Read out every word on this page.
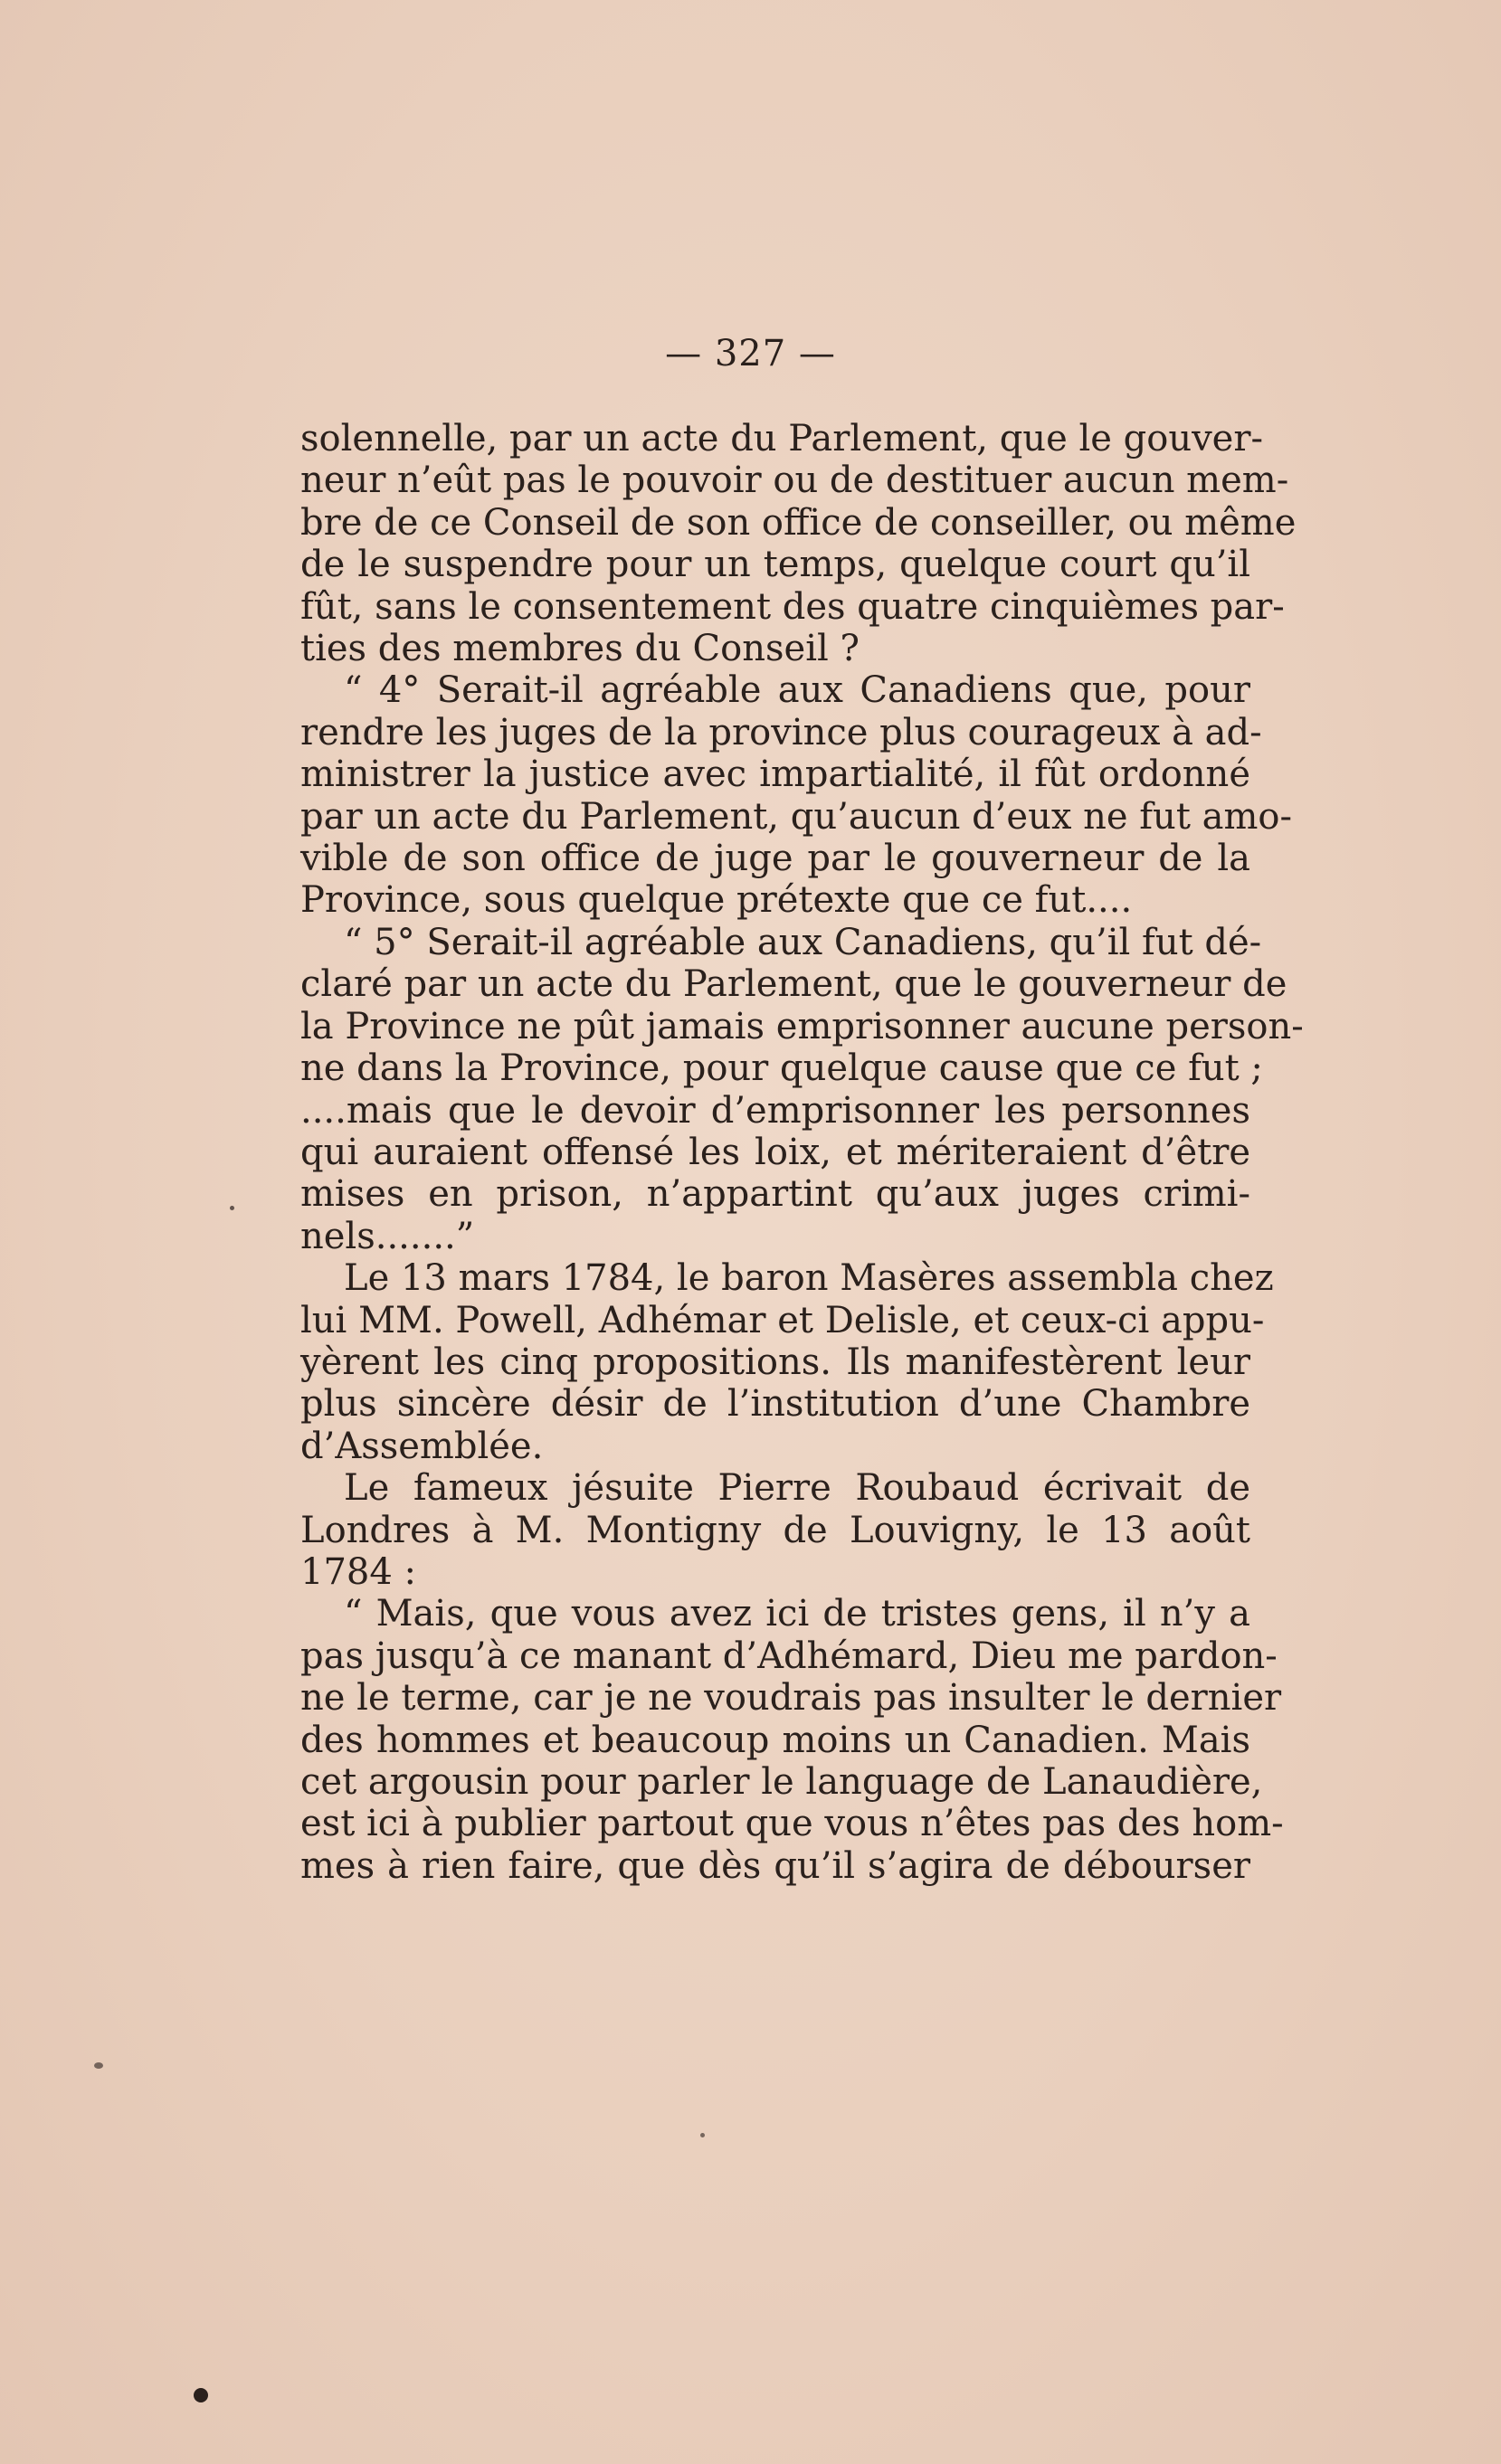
— 327 —
solennelle, par un acte du Parlement, que le gouver-
neur n’eût pas le pouvoir ou de destituer aucun mem-
bre de ce Conseil de son office de conseiller, ou même
de le suspendre pour un temps, quelque court qu’il
fût, sans le consentement des quatre cinquièmes par-
ties des membres du Conseil ?
“ 4° Serait-il agréable aux Canadiens que, pour
rendre les juges de la province plus courageux à ad-
ministrer la justice avec impartialité, il fût ordonné
par un acte du Parlement, qu’aucun d’eux ne fut amo-
vible de son office de juge par le gouverneur de la
Province, sous quelque prétexte que ce fut....
“ 5° Serait-il agréable aux Canadiens, qu’il fut dé-
claré par un acte du Parlement, que le gouverneur de
la Province ne pût jamais emprisonner aucune person-
ne dans la Province, pour quelque cause que ce fut ;
....mais que le devoir d’emprisonner les personnes
qui auraient offensé les loix, et mériteraient d’être
mises en prison, n’appartint qu’aux juges crimi-
nels.......”
Le 13 mars 1784, le baron Masères assembla chez
lui MM. Powell, Adhémar et Delisle, et ceux-ci appu-
yèrent les cinq propositions. Ils manifestèrent leur
plus sincère désir de l’institution d’une Chambre
d’Assemblée.
Le fameux jésuite Pierre Roubaud écrivait de
Londres à M. Montigny de Louvigny, le 13 août
1784 :
“ Mais, que vous avez ici de tristes gens, il n’y a
pas jusqu’à ce manant d’Adhémard, Dieu me pardon-
ne le terme, car je ne voudrais pas insulter le dernier
des hommes et beaucoup moins un Canadien. Mais
cet argousin pour parler le language de Lanaudière,
est ici à publier partout que vous n’êtes pas des hom-
mes à rien faire, que dès qu’il s’agira de débourser
